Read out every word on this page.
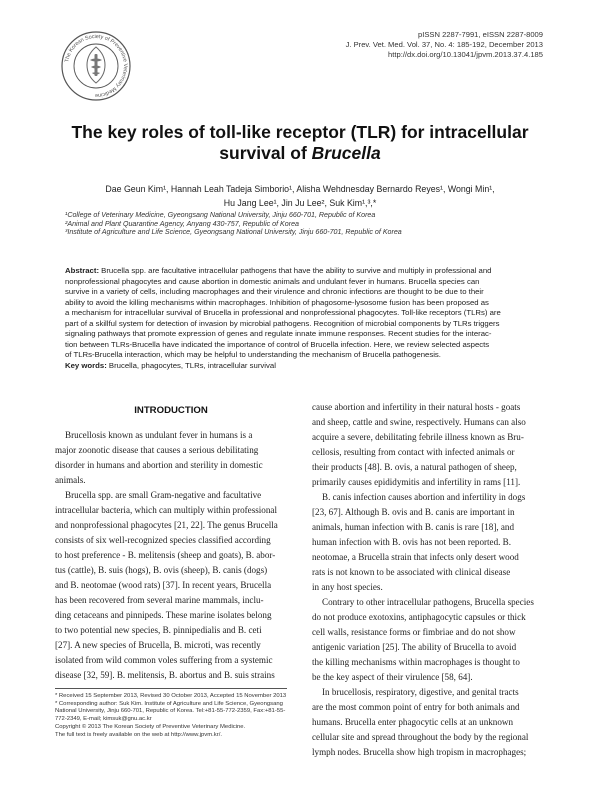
The Korean Society of Preventive Veterinary Medicine
pISSN 2287-7991, eISSN 2287-8009
J. Prev. Vet. Med. Vol. 37, No. 4: 185-192, December 2013
http://dx.doi.org/10.13041/jpvm.2013.37.4.185
The key roles of toll-like receptor (TLR) for intracellular
survival of Brucella
Dae Geun Kim¹, Hannah Leah Tadeja Simborio¹, Alisha Wehdnesday Bernardo Reyes¹, Wongi Min¹,
Hu Jang Lee¹, Jin Ju Lee², Suk Kim¹,³,*
¹College of Veterinary Medicine, Gyeongsang National University, Jinju 660-701, Republic of Korea
²Animal and Plant Quarantine Agency, Anyang 430-757, Republic of Korea
³Institute of Agriculture and Life Science, Gyeongsang National University, Jinju 660-701, Republic of Korea
Abstract: Brucella spp. are facultative intracellular pathogens that have the ability to survive and multiply in professional and
nonprofessional phagocytes and cause abortion in domestic animals and undulant fever in humans. Brucella species can
survive in a variety of cells, including macrophages and their virulence and chronic infections are thought to be due to their
ability to avoid the killing mechanisms within macrophages. Inhibition of phagosome-lysosome fusion has been proposed as
a mechanism for intracellular survival of Brucella in professional and nonprofessional phagocytes. Toll-like receptors (TLRs) are
part of a skillful system for detection of invasion by microbial pathogens. Recognition of microbial components by TLRs triggers
signaling pathways that promote expression of genes and regulate innate immune responses. Recent studies for the interac-
tion between TLRs-Brucella have indicated the importance of control of Brucella infection. Here, we review selected aspects
of TLRs-Brucella interaction, which may be helpful to understanding the mechanism of Brucella pathogenesis.
Key words: Brucella, phagocytes, TLRs, intracellular survival
INTRODUCTION
Brucellosis known as undulant fever in humans is a
major zoonotic disease that causes a serious debilitating
disorder in humans and abortion and sterility in domestic
animals.
Brucella spp. are small Gram-negative and facultative
intracellular bacteria, which can multiply within professional
and nonprofessional phagocytes [21, 22]. The genus Brucella
consists of six well-recognized species classified according
to host preference - B. melitensis (sheep and goats), B. abor-
tus (cattle), B. suis (hogs), B. ovis (sheep), B. canis (dogs)
and B. neotomae (wood rats) [37]. In recent years, Brucella
has been recovered from several marine mammals, inclu-
ding cetaceans and pinnipeds. These marine isolates belong
to two potential new species, B. pinnipedialis and B. ceti
[27]. A new species of Brucella, B. microti, was recently
isolated from wild common voles suffering from a systemic
disease [32, 59]. B. melitensis, B. abortus and B. suis strains
cause abortion and infertility in their natural hosts - goats
and sheep, cattle and swine, respectively. Humans can also
acquire a severe, debilitating febrile illness known as Bru-
cellosis, resulting from contact with infected animals or
their products [48]. B. ovis, a natural pathogen of sheep,
primarily causes epididymitis and infertility in rams [11].
B. canis infection causes abortion and infertility in dogs
[23, 67]. Although B. ovis and B. canis are important in
animals, human infection with B. canis is rare [18], and
human infection with B. ovis has not been reported. B.
neotomae, a Brucella strain that infects only desert wood
rats is not known to be associated with clinical disease
in any host species.
Contrary to other intracellular pathogens, Brucella species
do not produce exotoxins, antiphagocytic capsules or thick
cell walls, resistance forms or fimbriae and do not show
antigenic variation [25]. The ability of Brucella to avoid
the killing mechanisms within macrophages is thought to
be the key aspect of their virulence [58, 64].
In brucellosis, respiratory, digestive, and genital tracts
are the most common point of entry for both animals and
humans. Brucella enter phagocytic cells at an unknown
cellular site and spread throughout the body by the regional
lymph nodes. Brucella show high tropism in macrophages;
* Received 15 September 2013, Revised 30 October 2013, Accepted 15 November 2013
* Corresponding author: Suk Kim. Institute of Agriculture and Life Science, Gyeongsang
National University, Jinju 660-701, Republic of Korea. Tel:+81-55-772-2359, Fax:+81-55-
772-2349, E-mail; kimsuk@gnu.ac.kr
Copyright © 2013 The Korean Society of Preventive Veterinary Medicine.
The full text is freely available on the web at http://www.jpvm.kr/.
